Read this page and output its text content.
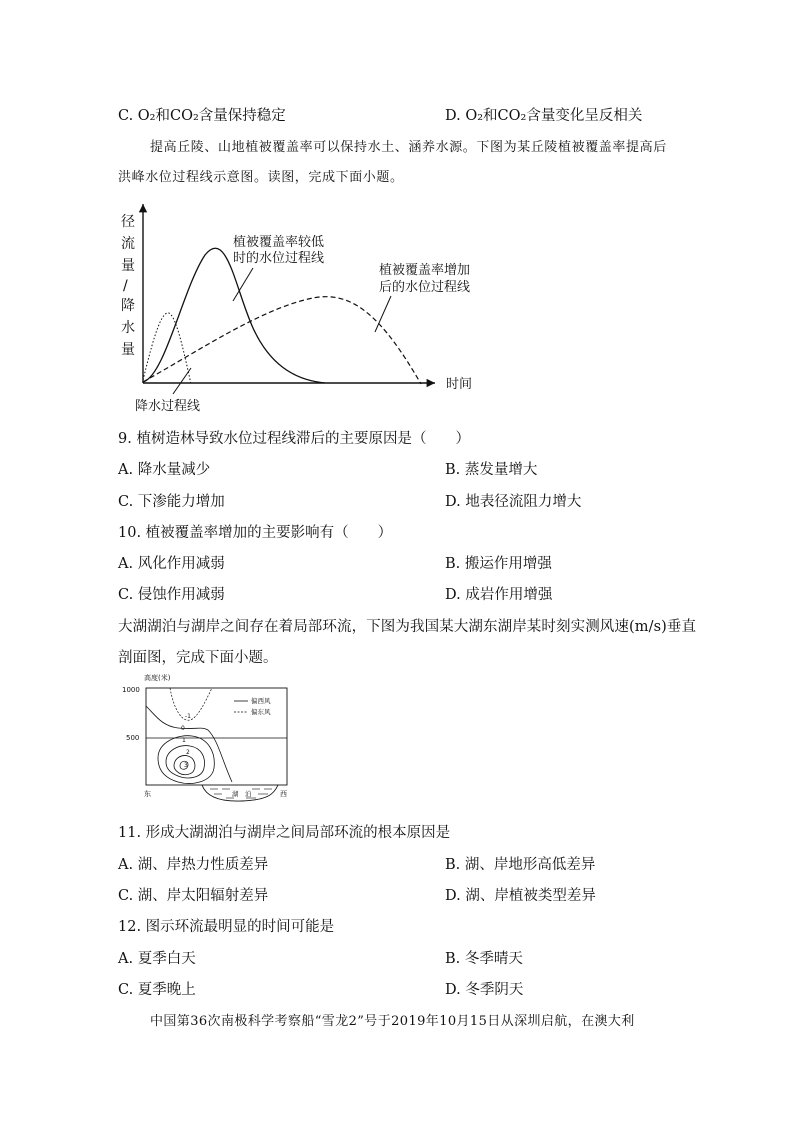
C. O₂和CO₂含量保持稳定	D. O₂和CO₂含量变化呈反相关
提高丘陵、山地植被覆盖率可以保持水土、涵养水源。下图为某丘陵植被覆盖率提高后
洪峰水位过程线示意图。读图，完成下面小题。
径
流
量
/
降
水
量
时间
植被覆盖率较低
时的水位过程线
植被覆盖率增加
后的水位过程线
降水过程线
9. 植树造林导致水位过程线滞后的主要原因是（　　）
A. 降水量减少	B. 蒸发量增大
C. 下渗能力增加	D. 地表径流阻力增大
10. 植被覆盖率增加的主要影响有（　　）
A. 风化作用减弱	B. 搬运作用增强
C. 侵蚀作用减弱	D. 成岩作用增强
大湖湖泊与湖岸之间存在着局部环流，下图为我国某大湖东湖岸某时刻实测风速(m/s)垂直
剖面图，完成下面小题。
高度(米)
1000
500
偏西风
偏东风
-1
0
1
2
3
湖　泊
东	西
11. 形成大湖湖泊与湖岸之间局部环流的根本原因是
A. 湖、岸热力性质差异	B. 湖、岸地形高低差异
C. 湖、岸太阳辐射差异	D. 湖、岸植被类型差异
12. 图示环流最明显的时间可能是
A. 夏季白天	B. 冬季晴天
C. 夏季晚上	D. 冬季阴天
中国第36次南极科学考察船“雪龙2”号于2019年10月15日从深圳启航，在澳大利
